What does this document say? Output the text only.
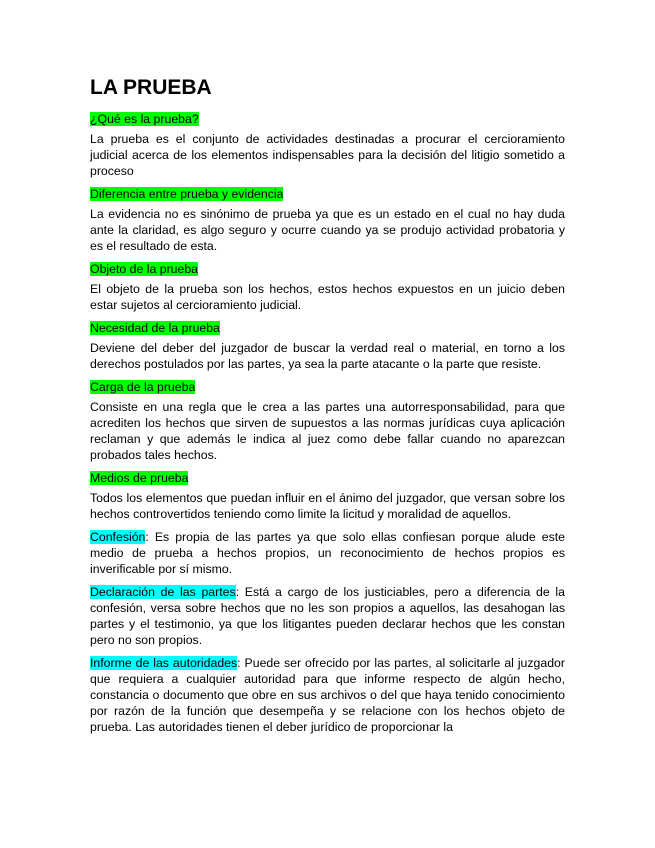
LA PRUEBA
¿Qué es la prueba?

La prueba es el conjunto de actividades destinadas a procurar el cercioramiento judicial acerca de los elementos indispensables para la decisión del litigio sometido a proceso

Diferencia entre prueba y evidencia

La evidencia no es sinónimo de prueba ya que es un estado en el cual no hay duda ante la claridad, es algo seguro y ocurre cuando ya se produjo actividad probatoria y es el resultado de esta.

Objeto de la prueba

El objeto de la prueba son los hechos, estos hechos expuestos en un juicio deben estar sujetos al cercioramiento judicial.

Necesidad de la prueba

Deviene del deber del juzgador de buscar la verdad real o material, en torno a los derechos postulados por las partes, ya sea la parte atacante o la parte que resiste.

Carga de la prueba

Consiste en una regla que le crea a las partes una autorresponsabilidad, para que acrediten los hechos que sirven de supuestos a las normas jurídicas cuya aplicación reclaman y que además le indica al juez como debe fallar cuando no aparezcan probados tales hechos.

Medios de prueba

Todos los elementos que puedan influir en el ánimo del juzgador, que versan sobre los hechos controvertidos teniendo como limite la licitud y moralidad de aquellos.

Confesión: Es propia de las partes ya que solo ellas confiesan porque alude este medio de prueba a hechos propios, un reconocimiento de hechos propios es inverificable por sí mismo.

Declaración de las partes: Está a cargo de los justiciables, pero a diferencia de la confesión, versa sobre hechos que no les son propios a aquellos, las desahogan las partes y el testimonio, ya que los litigantes pueden declarar hechos que les constan pero no son propios.

Informe de las autoridades: Puede ser ofrecido por las partes, al solicitarle al juzgador que requiera a cualquier autoridad para que informe respecto de algún hecho, constancia o documento que obre en sus archivos o del que haya tenido conocimiento por razón de la función que desempeña y se relacione con los hechos objeto de prueba. Las autoridades tienen el deber jurídico de proporcionar la
